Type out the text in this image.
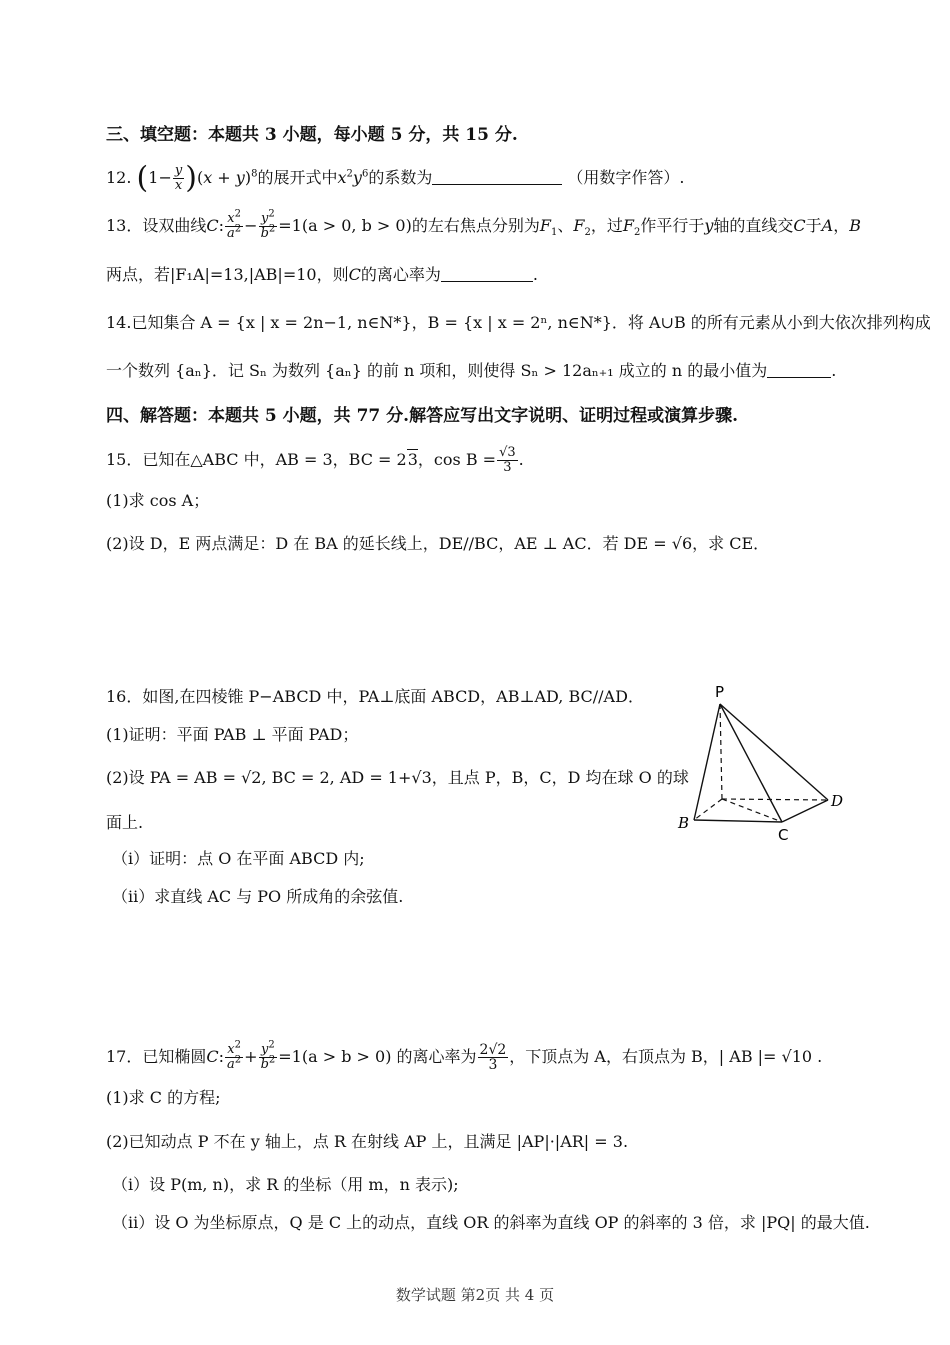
三、填空题：本题共 3 小题，每小题 5 分，共 15 分.
12. $(1- \frac{y}{x} )(x + y)^8$的展开式中$x^2y^6$的系数为	（用数字作答）.
13．设双曲线C: $\frac{x^2}{a^2} - \frac{y^2}{b^2} =1(a > 0$, b > 0)的左右焦点分别为$F_1$、$F_2$，过$F_2$作平行于y轴的直线交C于A，B
两点，若|F₁A|=13,|AB|=10，则C的离心率为	.
14.已知集合 A = {x | x = 2n−1, n∈N*}，B = {x | x = 2ⁿ, n∈N*}．将 A∪B 的所有元素从小到大依次排列构成
一个数列 {aₙ}．记 Sₙ 为数列 {aₙ} 的前 n 项和，则使得 Sₙ > 12aₙ₊₁ 成立的 n 的最小值为	.
四、解答题：本题共 5 小题，共 77 分.解答应写出文字说明、证明过程或演算步骤.
15．已知在△ABC 中，AB = 3，BC = 23，$\cos B = \frac{√3}{3}$ .
(1)求 cos A；
(2)设 D，E 两点满足：D 在 BA 的延长线上，DE//BC，AE ⊥ AC．若 DE = √6，求 CE．
16．如图,在四棱锥 P−ABCD 中，PA⊥底面 ABCD，AB⊥AD, BC//AD．
(1)证明：平面 PAB ⊥ 平面 PAD；
(2)设 PA = AB = √2, BC = 2, AD = 1+√3，且点 P，B，C，D 均在球 O 的球
面上.
（i）证明：点 O 在平面 ABCD 内;
（ii）求直线 AC 与 PO 所成角的余弦值.
P
B
C
D
17．已知椭圆C: $\frac{x^2}{a^2} + \frac{y^2}{b^2} =1(a > b > 0)$ 的离心率为 $\frac{2√2}{3}$ ，下顶点为 A，右顶点为 B，| AB |= √10 .
(1)求 C 的方程;
(2)已知动点 P 不在 y 轴上，点 R 在射线 AP 上，且满足 |AP|·|AR| = 3.
（i）设 P(m, n)，求 R 的坐标（用 m，n 表示);
（ii）设 O 为坐标原点，Q 是 C 上的动点，直线 OR 的斜率为直线 OP 的斜率的 3 倍，求 |PQ| 的最大值.
数学试题 第2页 共 4 页
